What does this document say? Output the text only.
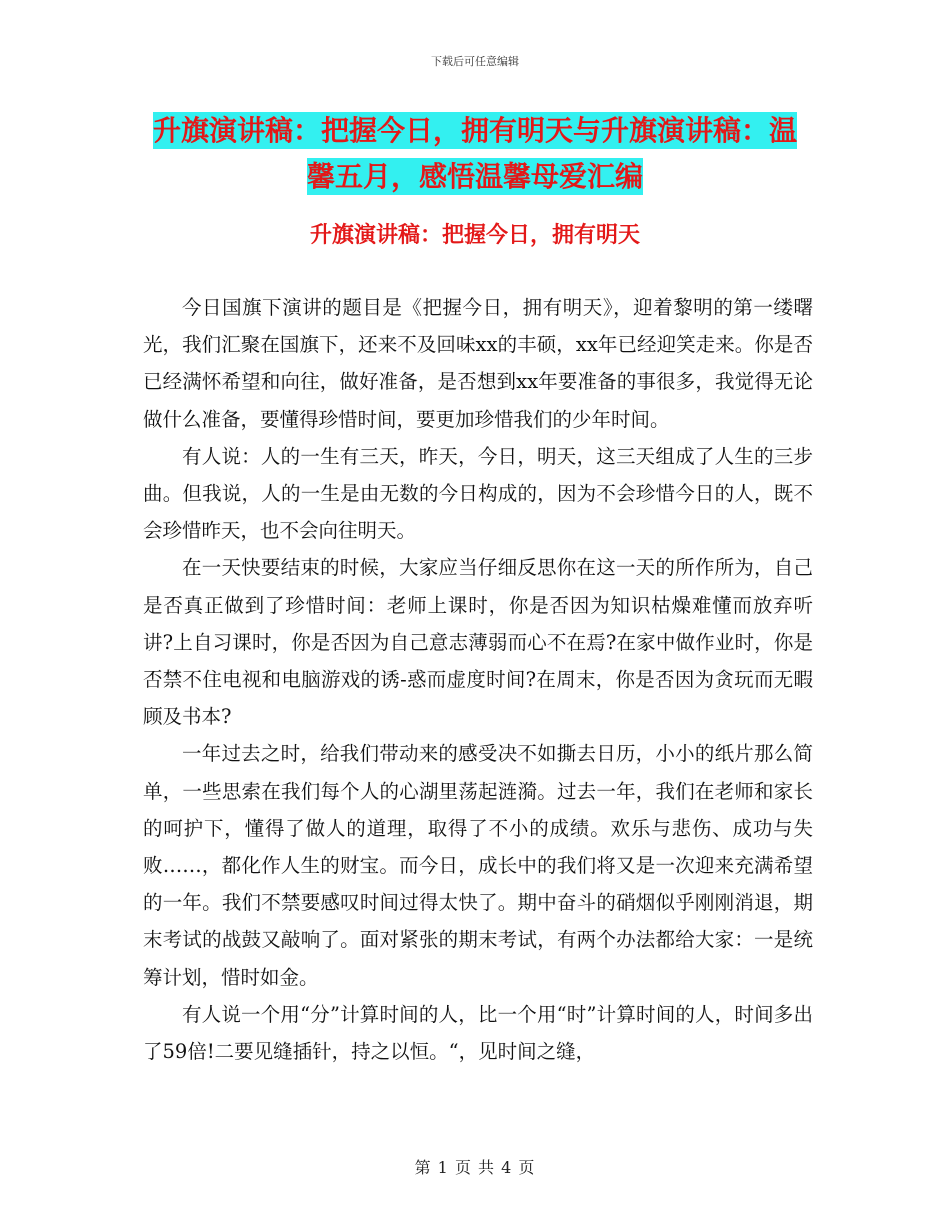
下载后可任意编辑
升旗演讲稿：把握今日，拥有明天与升旗演讲稿：温馨五月，感悟温馨母爱汇编
升旗演讲稿：把握今日，拥有明天

今日国旗下演讲的题目是《把握今日，拥有明天》，迎着黎明的第一缕曙光，我们汇聚在国旗下，还来不及回味xx的丰硕，xx年已经迎笑走来。你是否已经满怀希望和向往，做好准备，是否想到xx年要准备的事很多，我觉得无论做什么准备，要懂得珍惜时间，要更加珍惜我们的少年时间。

有人说：人的一生有三天，昨天，今日，明天，这三天组成了人生的三步曲。但我说，人的一生是由无数的今日构成的，因为不会珍惜今日的人，既不会珍惜昨天，也不会向往明天。

在一天快要结束的时候，大家应当仔细反思你在这一天的所作所为，自己是否真正做到了珍惜时间：老师上课时，你是否因为知识枯燥难懂而放弃听讲?上自习课时，你是否因为自己意志薄弱而心不在焉?在家中做作业时，你是否禁不住电视和电脑游戏的诱-惑而虚度时间?在周末，你是否因为贪玩而无暇顾及书本?

一年过去之时，给我们带动来的感受决不如撕去日历，小小的纸片那么简单，一些思索在我们每个人的心湖里荡起涟漪。过去一年，我们在老师和家长的呵护下，懂得了做人的道理，取得了不小的成绩。欢乐与悲伤、成功与失败……，都化作人生的财宝。而今日，成长中的我们将又是一次迎来充满希望的一年。我们不禁要感叹时间过得太快了。期中奋斗的硝烟似乎刚刚消退，期末考试的战鼓又敲响了。面对紧张的期末考试，有两个办法都给大家：一是统筹计划，惜时如金。

有人说一个用“分”计算时间的人，比一个用“时”计算时间的人，时间多出了59倍!二要见缝插针，持之以恒。“，见时间之缝，

第 1 页 共 4 页
